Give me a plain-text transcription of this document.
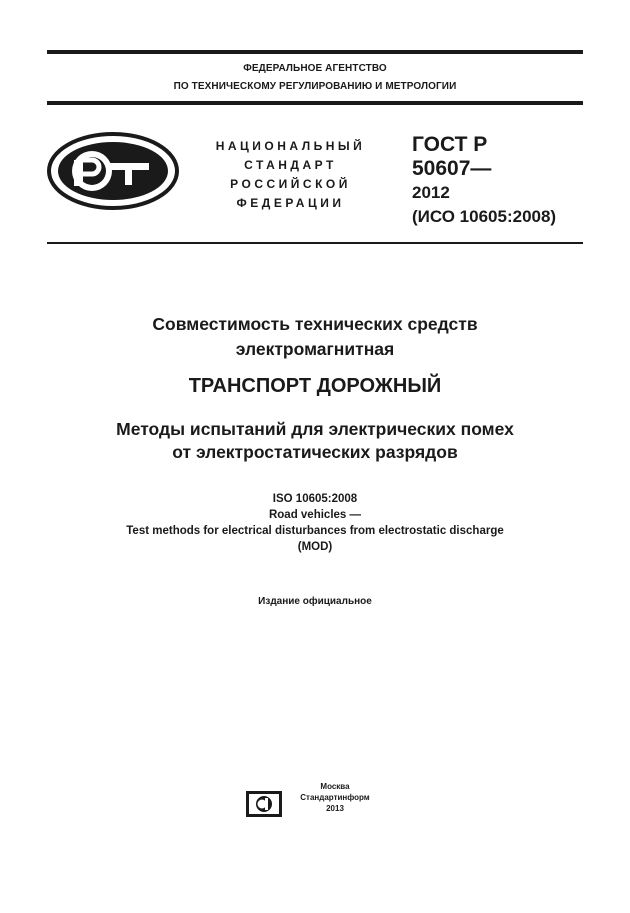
ФЕДЕРАЛЬНОЕ АГЕНТСТВО
ПО ТЕХНИЧЕСКОМУ РЕГУЛИРОВАНИЮ И МЕТРОЛОГИИ
НАЦИОНАЛЬНЫЙ
СТАНДАРТ
РОССИЙСКОЙ
ФЕДЕРАЦИИ
ГОСТ Р
50607—
2012
(ИСО 10605:2008)
Совместимость технических средств
электромагнитная
ТРАНСПОРТ ДОРОЖНЫЙ
Методы испытаний для электрических помех
от электростатических разрядов
ISO 10605:2008
Road vehicles —
Test methods for electrical disturbances from electrostatic discharge
(MOD)
Издание официальное
Москва
Стандартинформ
2013
